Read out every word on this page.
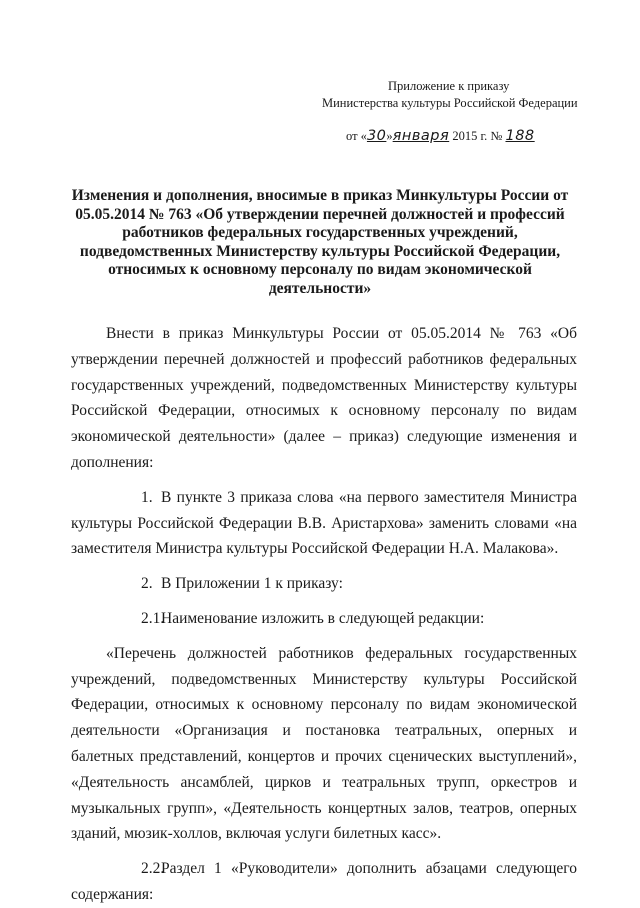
Приложение к приказу
Министерства культуры Российской Федерации
от «30»января 2015 г. № 188
Изменения и дополнения, вносимые в приказ Минкультуры России от 05.05.2014 № 763 «Об утверждении перечней должностей и профессий работников федеральных государственных учреждений, подведомственных Министерству культуры Российской Федерации, относимых к основному персоналу по видам экономической деятельности»

Внести в приказ Минкультуры России от 05.05.2014 № 763 «Об утверждении перечней должностей и профессий работников федеральных государственных учреждений, подведомственных Министерству культуры Российской Федерации, относимых к основному персоналу по видам экономической деятельности» (далее – приказ) следующие изменения и дополнения:

1. В пункте 3 приказа слова «на первого заместителя Министра культуры Российской Федерации В.В. Аристархова» заменить словами «на заместителя Министра культуры Российской Федерации Н.А. Малакова».

2. В Приложении 1 к приказу:

2.1.Наименование изложить в следующей редакции:

«Перечень должностей работников федеральных государственных учреждений, подведомственных Министерству культуры Российской Федерации, относимых к основному персоналу по видам экономической деятельности «Организация и постановка театральных, оперных и балетных представлений, концертов и прочих сценических выступлений», «Деятельность ансамблей, цирков и театральных трупп, оркестров и музыкальных групп», «Деятельность концертных залов, театров, оперных зданий, мюзик-холлов, включая услуги билетных касс».

2.2.Раздел 1 «Руководители» дополнить абзацами следующего содержания:
